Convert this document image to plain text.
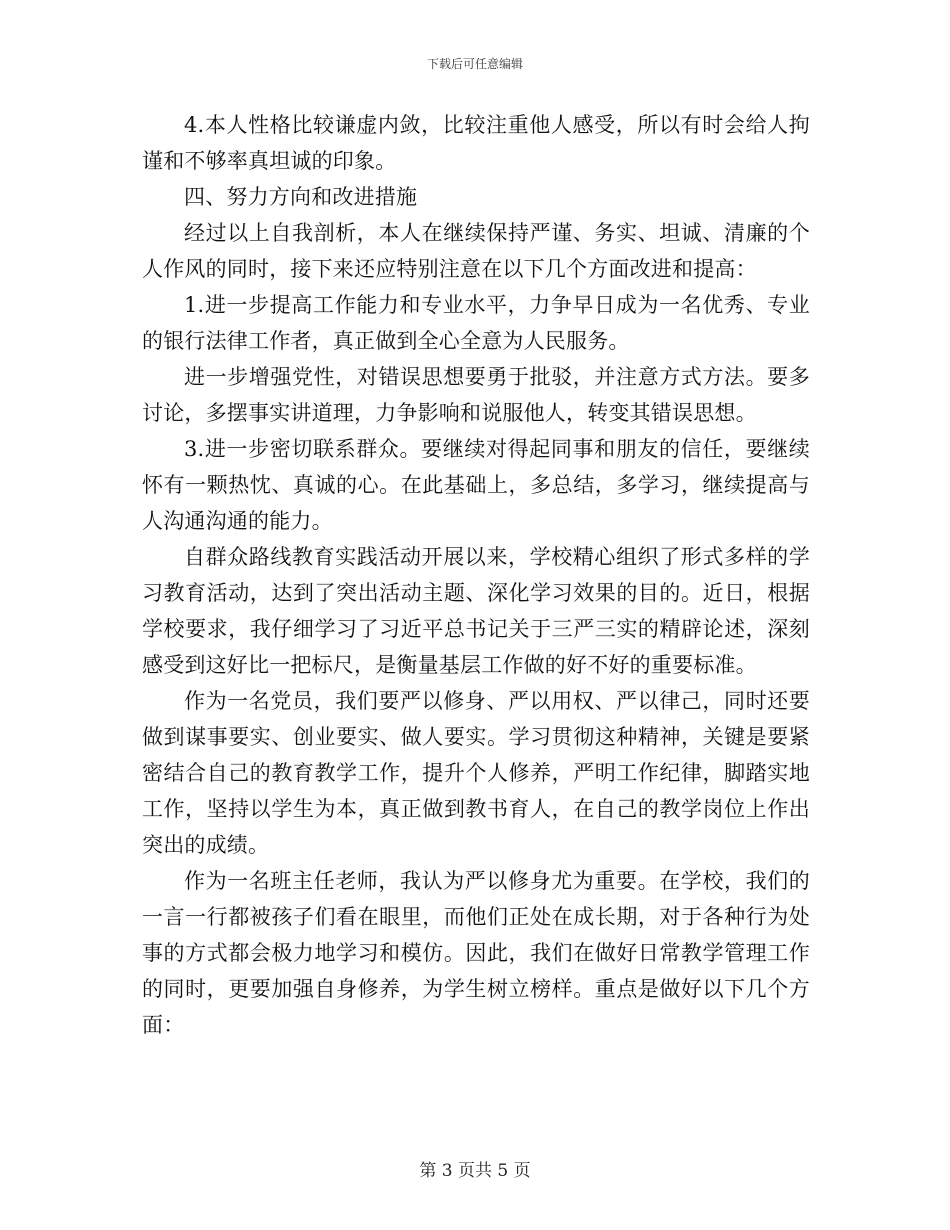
下载后可任意编辑

4.本人性格比较谦虚内敛，比较注重他人感受，所以有时会给人拘谨和不够率真坦诚的印象。

四、努力方向和改进措施

经过以上自我剖析，本人在继续保持严谨、务实、坦诚、清廉的个人作风的同时，接下来还应特别注意在以下几个方面改进和提高：

1.进一步提高工作能力和专业水平，力争早日成为一名优秀、专业的银行法律工作者，真正做到全心全意为人民服务。

进一步增强党性，对错误思想要勇于批驳，并注意方式方法。要多讨论，多摆事实讲道理，力争影响和说服他人，转变其错误思想。

3.进一步密切联系群众。要继续对得起同事和朋友的信任，要继续怀有一颗热忱、真诚的心。在此基础上，多总结，多学习，继续提高与人沟通沟通的能力。

自群众路线教育实践活动开展以来，学校精心组织了形式多样的学习教育活动，达到了突出活动主题、深化学习效果的目的。近日，根据学校要求，我仔细学习了习近平总书记关于三严三实的精辟论述，深刻感受到这好比一把标尺，是衡量基层工作做的好不好的重要标准。

作为一名党员，我们要严以修身、严以用权、严以律己，同时还要做到谋事要实、创业要实、做人要实。学习贯彻这种精神，关键是要紧密结合自己的教育教学工作，提升个人修养，严明工作纪律，脚踏实地工作，坚持以学生为本，真正做到教书育人，在自己的教学岗位上作出突出的成绩。

作为一名班主任老师，我认为严以修身尤为重要。在学校，我们的一言一行都被孩子们看在眼里，而他们正处在成长期，对于各种行为处事的方式都会极力地学习和模仿。因此，我们在做好日常教学管理工作的同时，更要加强自身修养，为学生树立榜样。重点是做好以下几个方面：

第 3 页共 5 页
